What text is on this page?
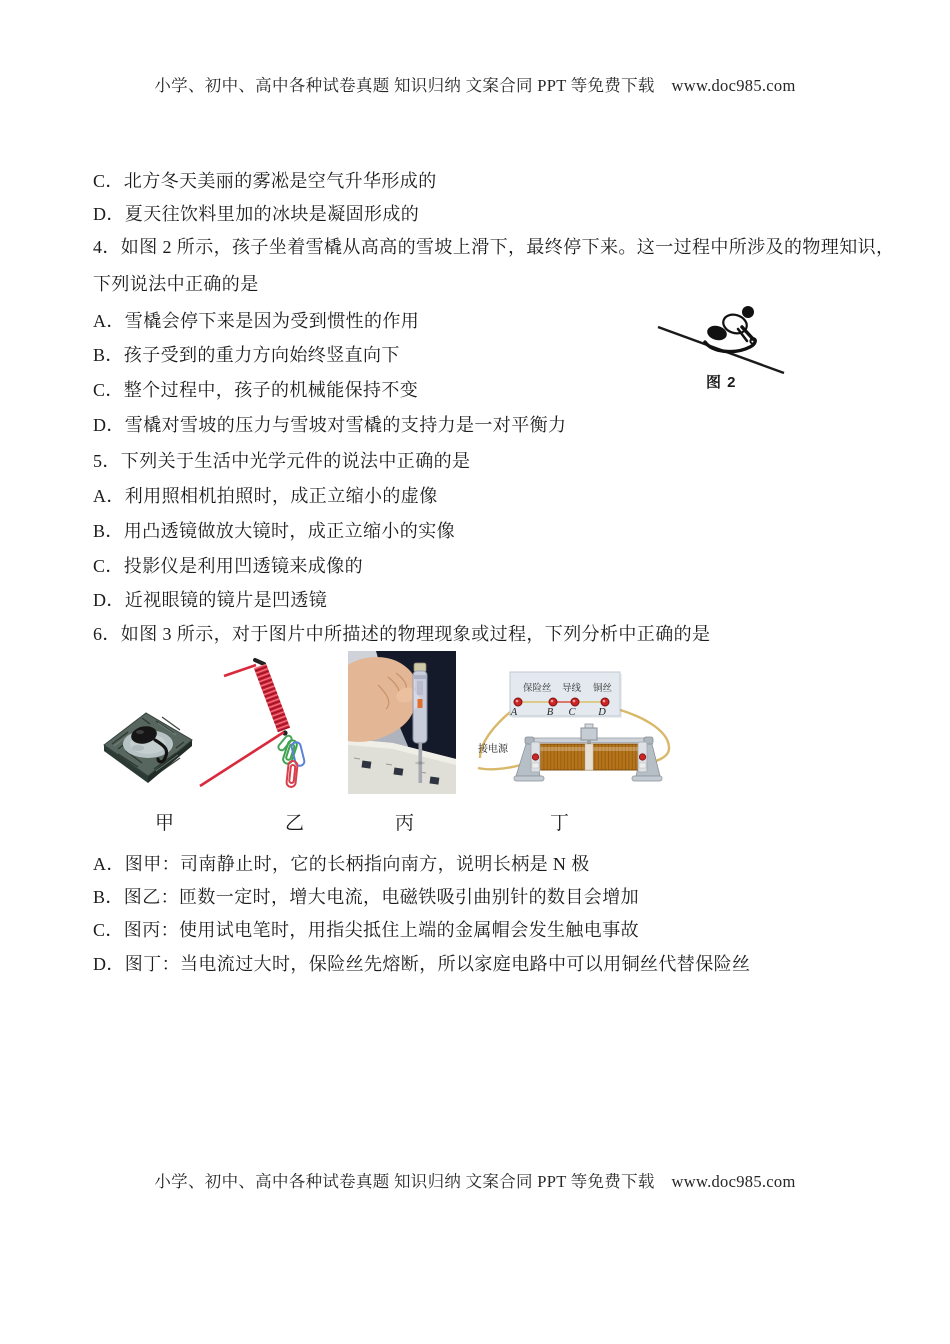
小学、初中、高中各种试卷真题 知识归纳 文案合同 PPT 等免费下载　www.doc985.com
C．北方冬天美丽的雾凇是空气升华形成的
D．夏天往饮料里加的冰块是凝固形成的
4．如图 2 所示，孩子坐着雪橇从高高的雪坡上滑下，最终停下来。这一过程中所涉及的物理知识，
下列说法中正确的是
A．雪橇会停下来是因为受到惯性的作用
B．孩子受到的重力方向始终竖直向下
C．整个过程中，孩子的机械能保持不变
D．雪橇对雪坡的压力与雪坡对雪橇的支持力是一对平衡力
图 2
5．下列关于生活中光学元件的说法中正确的是
A．利用照相机拍照时，成正立缩小的虚像
B．用凸透镜做放大镜时，成正立缩小的实像
C．投影仪是利用凹透镜来成像的
D．近视眼镜的镜片是凹透镜
6．如图 3 所示，对于图片中所描述的物理现象或过程，下列分析中正确的是
保险丝 导线 铜丝
A	B C D
接电源
甲	乙	丙	丁
A．图甲：司南静止时，它的长柄指向南方，说明长柄是 N 极
B．图乙：匝数一定时，增大电流，电磁铁吸引曲别针的数目会增加
C．图丙：使用试电笔时，用指尖抵住上端的金属帽会发生触电事故
D．图丁：当电流过大时，保险丝先熔断，所以家庭电路中可以用铜丝代替保险丝
小学、初中、高中各种试卷真题 知识归纳 文案合同 PPT 等免费下载　www.doc985.com
